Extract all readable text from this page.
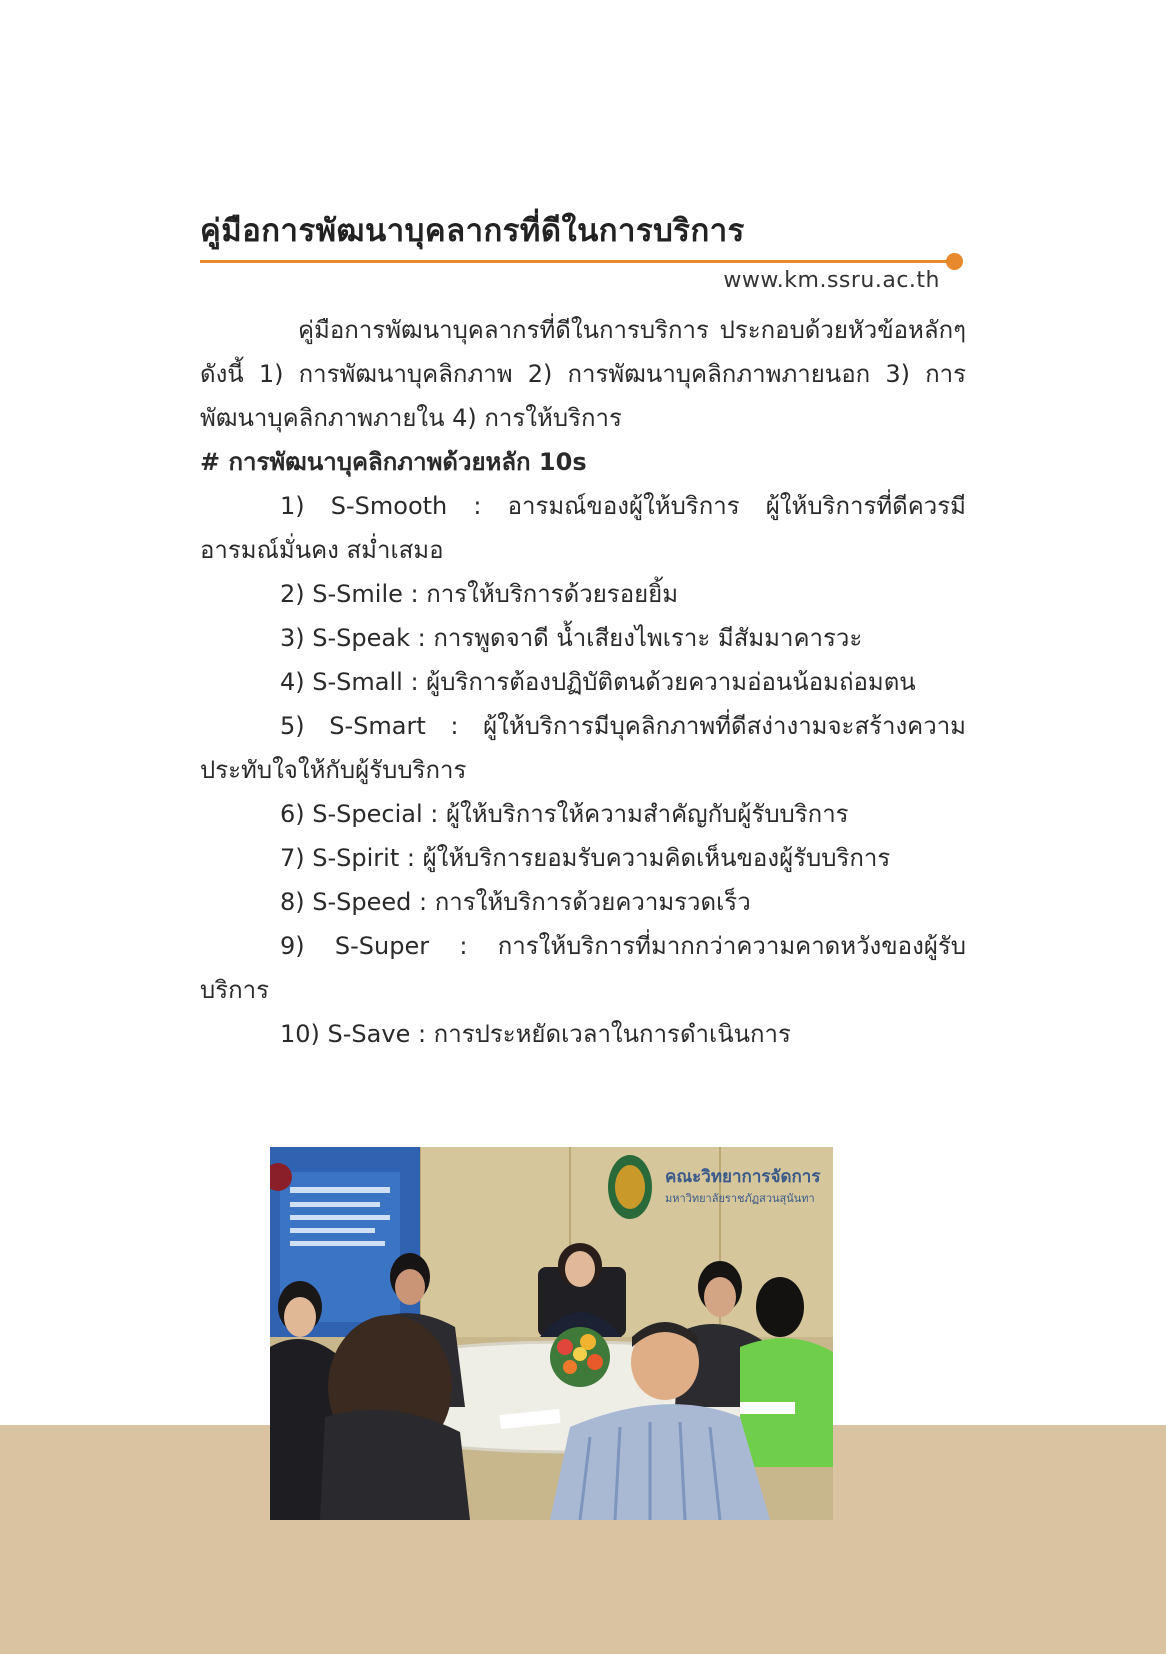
คู่มือการพัฒนาบุคลากรที่ดีในการบริการ
www.km.ssru.ac.th

คู่มือการพัฒนาบุคลากรที่ดีในการบริการ ประกอบด้วยหัวข้อหลักๆ ดังนี้ 1) การพัฒนาบุคลิกภาพ 2) การพัฒนาบุคลิกภาพภายนอก 3) การพัฒนาบุคลิกภาพภายใน 4) การให้บริการ

# การพัฒนาบุคลิกภาพด้วยหลัก 10s

1) S-Smooth : อารมณ์ของผู้ให้บริการ ผู้ให้บริการที่ดีควรมีอารมณ์มั่นคง สม่ำเสมอ

2) S-Smile : การให้บริการด้วยรอยยิ้ม

3) S-Speak : การพูดจาดี น้ำเสียงไพเราะ มีสัมมาคารวะ

4) S-Small : ผู้บริการต้องปฏิบัติตนด้วยความอ่อนน้อมถ่อมตน

5) S-Smart : ผู้ให้บริการมีบุคลิกภาพที่ดีสง่างามจะสร้างความประทับใจให้กับผู้รับบริการ

6) S-Special : ผู้ให้บริการให้ความสำคัญกับผู้รับบริการ

7) S-Spirit : ผู้ให้บริการยอมรับความคิดเห็นของผู้รับบริการ

8) S-Speed : การให้บริการด้วยความรวดเร็ว

9) S-Super : การให้บริการที่มากกว่าความคาดหวังของผู้รับบริการ

10) S-Save : การประหยัดเวลาในการดำเนินการ

คณะวิทยาการจัดการ
มหาวิทยาลัยราชภัฏสวนสุนันทา
